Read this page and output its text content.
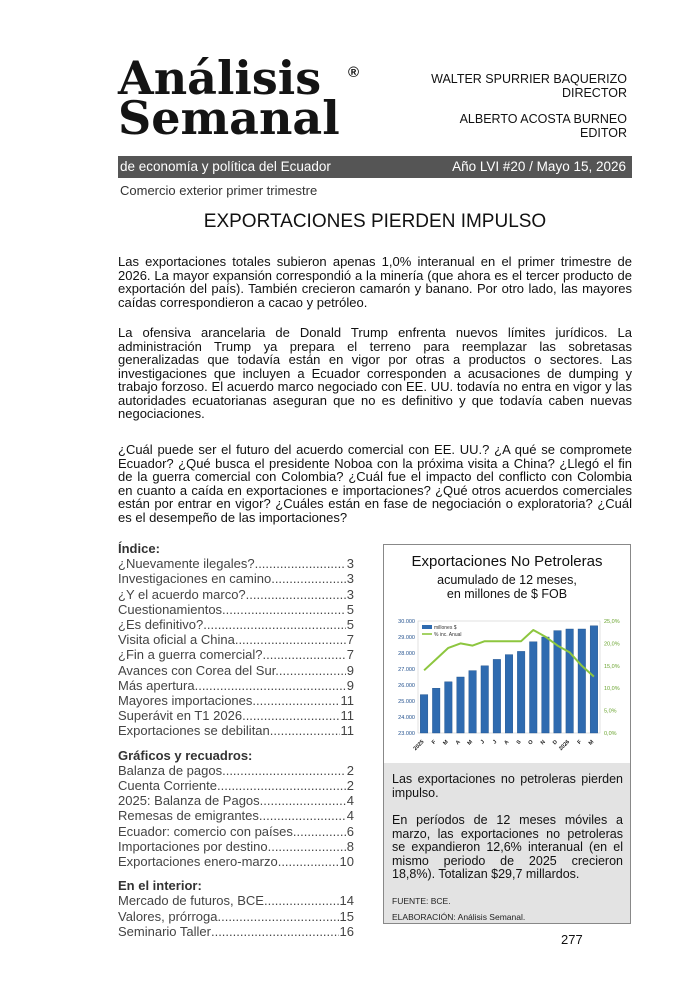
Análisis
Semanal
®	WALTER SPURRIER BAQUERIZO
DIRECTOR
ALBERTO ACOSTA BURNEO
EDITOR
de economía y política del Ecuador	Año LVI #20 / Mayo 15, 2026
Comercio exterior primer trimestre
EXPORTACIONES PIERDEN IMPULSO
Las exportaciones totales subieron apenas 1,0% interanual en el primer trimestre de 2026. La mayor expansión correspondió a la minería (que ahora es el tercer producto de exportación del país). También crecieron camarón y banano. Por otro lado, las mayores caídas correspondieron a cacao y petróleo.
La ofensiva arancelaria de Donald Trump enfrenta nuevos límites jurídicos. La administración Trump ya prepara el terreno para reemplazar las sobretasas generalizadas que todavía están en vigor por otras a productos o sectores. Las investigaciones que incluyen a Ecuador corresponden a acusaciones de dumping y trabajo forzoso. El acuerdo marco negociado con EE. UU. todavía no entra en vigor y las autoridades ecuatorianas aseguran que no es definitivo y que todavía caben nuevas negociaciones.
¿Cuál puede ser el futuro del acuerdo comercial con EE. UU.? ¿A qué se compromete Ecuador? ¿Qué busca el presidente Noboa con la próxima visita a China? ¿Llegó el fin de la guerra comercial con Colombia? ¿Cuál fue el impacto del conflicto con Colombia en cuanto a caída en exportaciones e importaciones? ¿Qué otros acuerdos comerciales están por entrar en vigor? ¿Cuáles están en fase de negociación o exploratoria? ¿Cuál es el desempeño de las importaciones?
Índice:
¿Nuevamente ilegales? .....	3
Investigaciones en camino. .....	3
¿Y el acuerdo marco? .....	3
Cuestionamientos. .....	5
¿Es definitivo? .....	5
Visita oficial a China. .....	7
¿Fin a guerra comercial? .....	7
Avances con Corea del Sur. .....	9
Más apertura. .....	9
Mayores importaciones. .....	11
Superávit en T1 2026. .....	11
Exportaciones se debilitan. .....	11
Gráficos y recuadros:
Balanza de pagos .....	2
Cuenta Corriente .....	2
2025: Balanza de Pagos .....	4
Remesas de emigrantes .....	4
Ecuador: comercio con países .....	6
Importaciones por destino .....	8
Exportaciones enero-marzo .....	10
En el interior:
Mercado de futuros, BCE. .....	14
Valores, prórroga. .....	15
Seminario Taller .....	16
Exportaciones No Petroleras
acumulado de 12 meses,
en millones de $ FOB
30.000
29.000
28.000
27.000
26.000
25.000
24.000
23.000
25,0%
20,0%
15,0%
10,0%
5,0%
0,0%
2025 F M A M J J A S O N D 2026 F M
millones $
% inc. Anual

Las exportaciones no petroleras pierden impulso.

En períodos de 12 meses móviles a marzo, las exportaciones no petroleras se expandieron 12,6% interanual (en el mismo periodo de 2025 crecieron 18,8%). Totalizan $29,7 millardos.

FUENTE: BCE.
ELABORACIÓN: Análisis Semanal.
277
